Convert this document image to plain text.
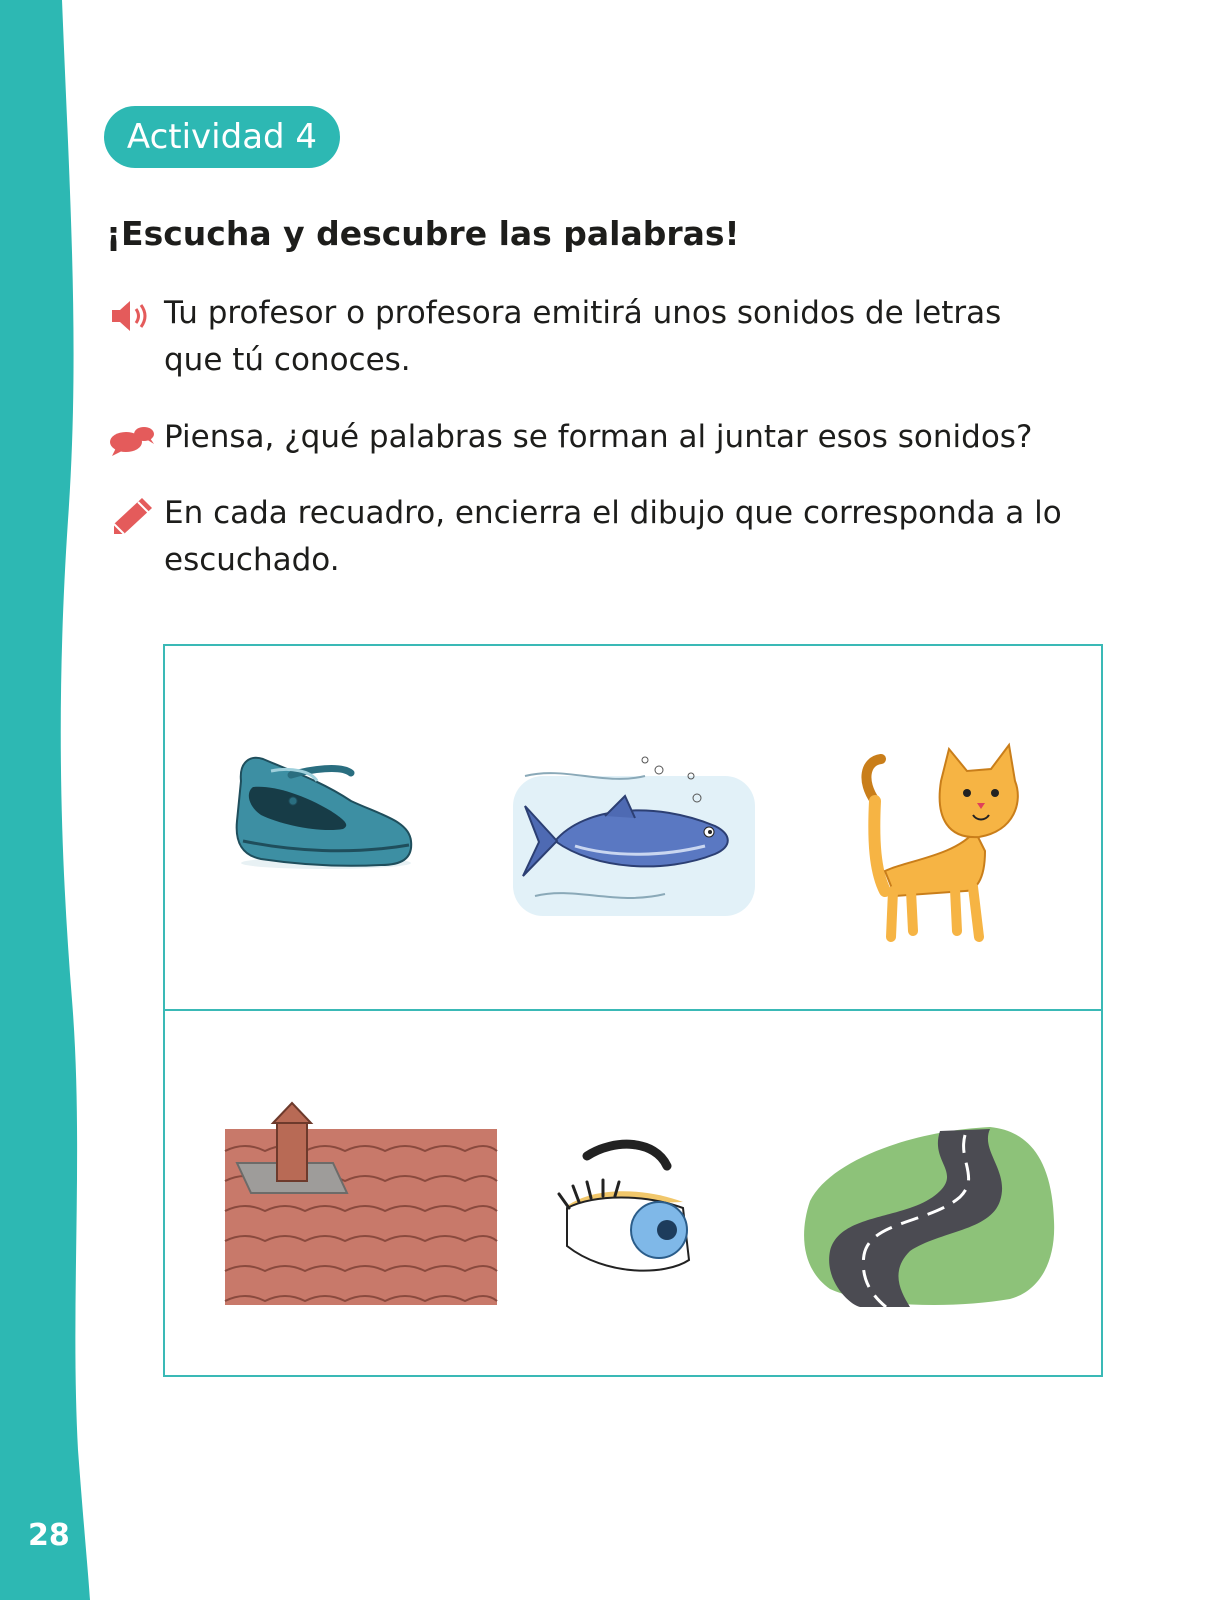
28
Actividad 4
¡Escucha y descubre las palabras!
Tu profesor o profesora emitirá unos sonidos de letras que tú conoces.
Piensa, ¿qué palabras se forman al juntar esos sonidos?
En cada recuadro, encierra el dibujo que corresponda a lo escuchado.
